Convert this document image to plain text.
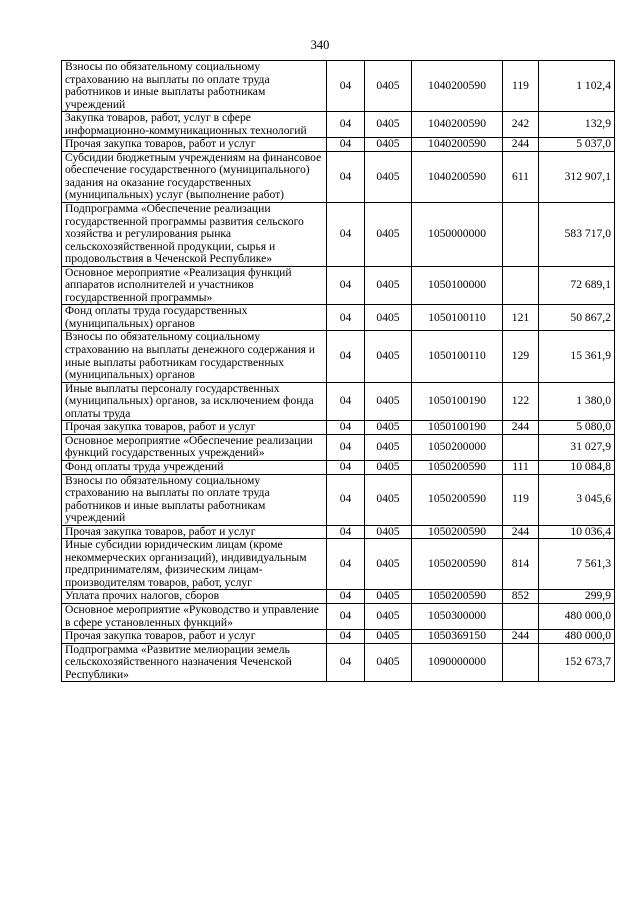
340
Взносы по обязательному социальному страхованию на выплаты по оплате труда работников и иные выплаты работникам учреждений	04	0405	1040200590	119	1 102,4
Закупка товаров, работ, услуг в сфере информационно-коммуникационных технологий	04	0405	1040200590	242	132,9
Прочая закупка товаров, работ и услуг	04	0405	1040200590	244	5 037,0
Субсидии бюджетным учреждениям на финансовое обеспечение государственного (муниципального) задания на оказание государственных (муниципальных) услуг (выполнение работ)	04	0405	1040200590	611	312 907,1
Подпрограмма «Обеспечение реализации государственной программы развития сельского хозяйства и регулирования рынка сельскохозяйственной продукции, сырья и продовольствия в Чеченской Республике»	04	0405	1050000000		583 717,0
Основное мероприятие «Реализация функций аппаратов исполнителей и участников государственной программы»	04	0405	1050100000		72 689,1
Фонд оплаты труда государственных (муниципальных) органов	04	0405	1050100110	121	50 867,2
Взносы по обязательному социальному страхованию на выплаты денежного содержания и иные выплаты работникам государственных (муниципальных) органов	04	0405	1050100110	129	15 361,9
Иные выплаты персоналу государственных (муниципальных) органов, за исключением фонда оплаты труда	04	0405	1050100190	122	1 380,0
Прочая закупка товаров, работ и услуг	04	0405	1050100190	244	5 080,0
Основное мероприятие «Обеспечение реализации функций государственных учреждений»	04	0405	1050200000		31 027,9
Фонд оплаты труда учреждений	04	0405	1050200590	111	10 084,8
Взносы по обязательному социальному страхованию на выплаты по оплате труда работников и иные выплаты работникам учреждений	04	0405	1050200590	119	3 045,6
Прочая закупка товаров, работ и услуг	04	0405	1050200590	244	10 036,4
Иные субсидии юридическим лицам (кроме некоммерческих организаций), индивидуальным предпринимателям, физическим лицам-производителям товаров, работ, услуг	04	0405	1050200590	814	7 561,3
Уплата прочих налогов, сборов	04	0405	1050200590	852	299,9
Основное мероприятие «Руководство и управление в сфере установленных функций»	04	0405	1050300000		480 000,0
Прочая закупка товаров, работ и услуг	04	0405	1050369150	244	480 000,0
Подпрограмма «Развитие мелиорации земель сельскохозяйственного назначения Чеченской Республики»	04	0405	1090000000		152 673,7
